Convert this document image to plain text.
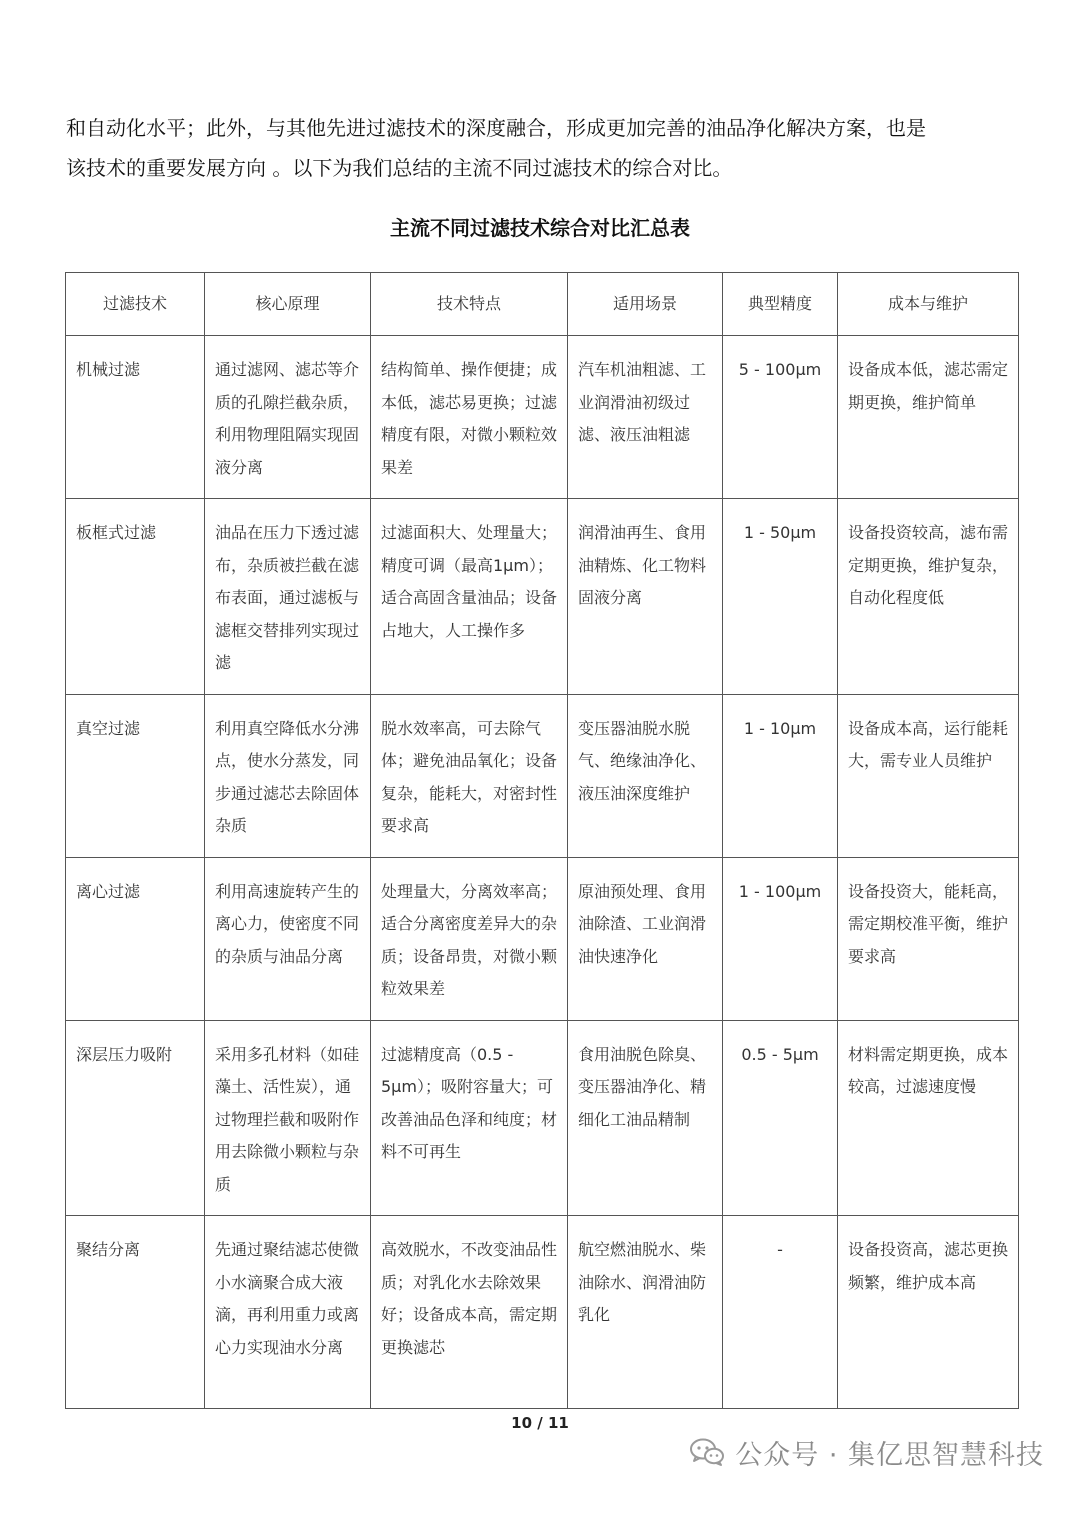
和自动化水平；此外，与其他先进过滤技术的深度融合，形成更加完善的油品净化解决方案，也是

该技术的重要发展方向 。以下为我们总结的主流不同过滤技术的综合对比。

主流不同过滤技术综合对比汇总表
过滤技术	核心原理	技术特点	适用场景	典型精度	成本与维护
机械过滤	通过滤网、滤芯等介质的孔隙拦截杂质，利用物理阻隔实现固液分离	结构简单、操作便捷；成本低，滤芯易更换；过滤精度有限，对微小颗粒效果差	汽车机油粗滤、工业润滑油初级过滤、液压油粗滤	5 - 100μm	设备成本低，滤芯需定期更换，维护简单
板框式过滤	油品在压力下透过滤布，杂质被拦截在滤布表面，通过滤板与滤框交替排列实现过滤	过滤面积大、处理量大；精度可调（最高1μm）；适合高固含量油品；设备占地大，人工操作多	润滑油再生、食用油精炼、化工物料固液分离	1 - 50μm	设备投资较高，滤布需定期更换，维护复杂，自动化程度低
真空过滤	利用真空降低水分沸点，使水分蒸发，同步通过滤芯去除固体杂质	脱水效率高，可去除气体；避免油品氧化；设备复杂，能耗大，对密封性要求高	变压器油脱水脱气、绝缘油净化、液压油深度维护	1 - 10μm	设备成本高，运行能耗大，需专业人员维护
离心过滤	利用高速旋转产生的离心力，使密度不同的杂质与油品分离	处理量大，分离效率高；适合分离密度差异大的杂质；设备昂贵，对微小颗粒效果差	原油预处理、食用油除渣、工业润滑油快速净化	1 - 100μm	设备投资大，能耗高，需定期校准平衡，维护要求高
深层压力吸附	采用多孔材料（如硅藻土、活性炭），通过物理拦截和吸附作用去除微小颗粒与杂质	过滤精度高（0.5 - 5μm）；吸附容量大；可改善油品色泽和纯度；材料不可再生	食用油脱色除臭、变压器油净化、精细化工油品精制	0.5 - 5μm	材料需定期更换，成本较高，过滤速度慢
聚结分离	先通过聚结滤芯使微小水滴聚合成大液滴，再利用重力或离心力实现油水分离	高效脱水，不改变油品性质；对乳化水去除效果好；设备成本高，需定期更换滤芯	航空燃油脱水、柴油除水、润滑油防乳化	-	设备投资高，滤芯更换频繁，维护成本高
10 / 11
公众号 · 集亿思智慧科技
